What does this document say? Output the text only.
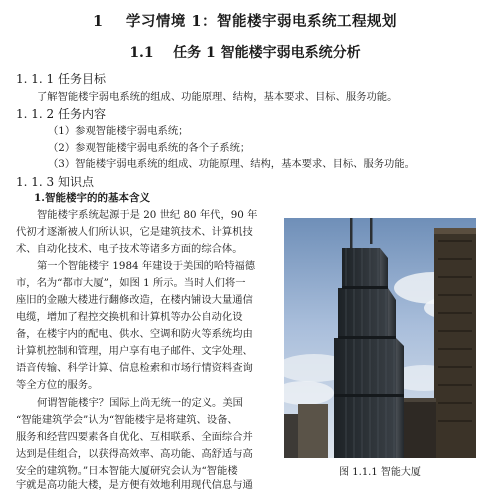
1 学习情境 1：智能楼宇弱电系统工程规划
1.1 任务 1 智能楼宇弱电系统分析
1. 1. 1 任务目标
了解智能楼宇弱电系统的组成、功能原理、结构，基本要求、目标、服务功能。
1. 1. 2 任务内容
（1）参观智能楼宇弱电系统；
（2）参观智能楼宇弱电系统的各个子系统；
（3）智能楼宇弱电系统的组成、功能原理、结构，基本要求、目标、服务功能。
1. 1. 3 知识点
1.智能楼宇的的基本含义
智能楼宇系统起源于是 20 世纪 80 年代，90 年
代初才逐渐被人们所认识，它是建筑技术、计算机技
术、自动化技术、电子技术等诸多方面的综合体。
第一个智能楼宇 1984 年建设于美国的哈特福德
市，名为“都市大厦”，如图 1 所示。当时人们将一
座旧的金融大楼进行翻修改造，在楼内铺设大量通信
电缆，增加了程控交换机和计算机等办公自动化设
备，在楼宇内的配电、供水、空调和防火等系统均由
计算机控制和管理，用户享有电子邮件、文字处理、
语音传输、科学计算、信息检索和市场行情资料查询
等全方位的服务。
何谓智能楼宇？国际上尚无统一的定义。美国
“智能建筑学会”认为“智能楼宇是将建筑、设备、
服务和经营四要素各自优化、互相联系、全面综合并
达到是佳组合，以获得高效率、高功能、高舒适与高
安全的建筑物。”日本智能大厦研究会认为“智能楼
宇就是高功能大楼，是方便有效地利用现代信息与通
图 1.1.1 智能大厦
